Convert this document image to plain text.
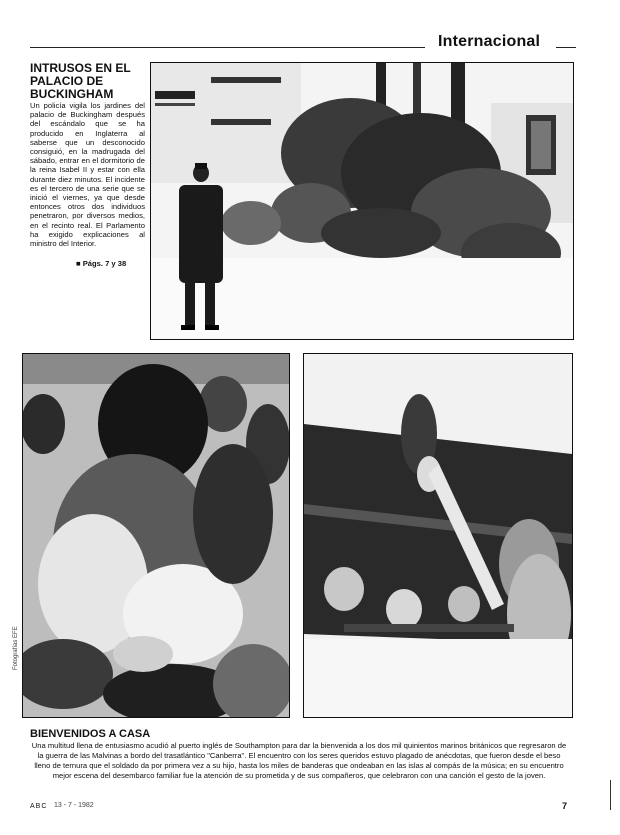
Internacional
INTRUSOS EN EL PALACIO DE BUCKINGHAM
Un policía vigila los jardines del palacio de Buckingham después del escándalo que se ha producido en Inglaterra al saberse que un desconocido consiguió, en la madrugada del sábado, entrar en el dormitorio de la reina Isabel II y estar con ella durante diez minutos. El incidente es el tercero de una serie que se inició el viernes, ya que desde entonces otros dos individuos penetraron, por diversos medios, en el recinto real. El Parlamento ha exigido explicaciones al ministro del Interior.
■ Págs. 7 y 38
Fotografías EFE
BIENVENIDOS A CASA
Una multitud llena de entusiasmo acudió al puerto inglés de Southampton para dar la bienvenida a los dos mil quinientos marinos británicos que regresaron de la guerra de las Malvinas a bordo del trasatlántico "Canberra". El encuentro con los seres queridos estuvo plagado de anécdotas, que fueron desde el beso lleno de ternura que el soldado da por primera vez a su hijo, hasta los miles de banderas que ondeaban en las islas al compás de la música; en su encuentro mejor escena del desembarco familiar fue la atención de su prometida y de sus compañeros, que celebraron con una canción el gesto de la joven.
ABC 13 - 7 - 1982	7
